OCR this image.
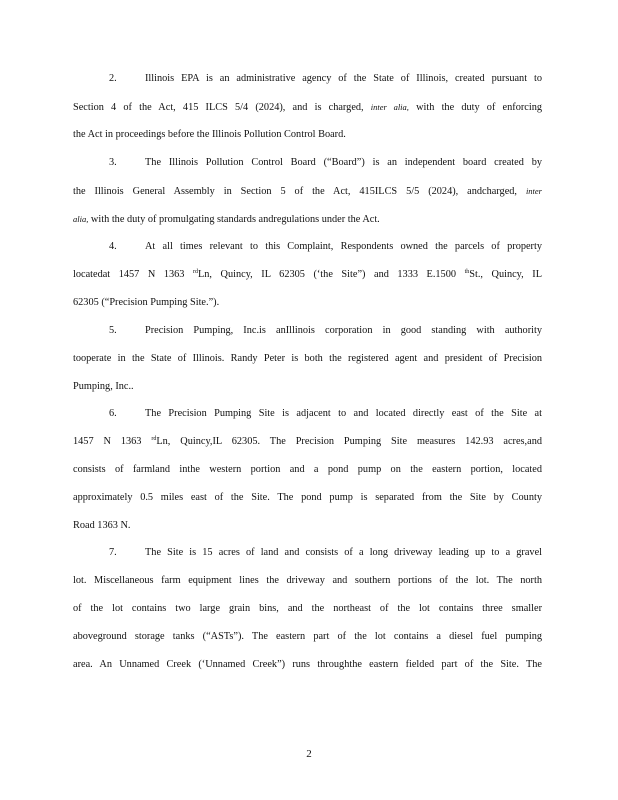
2.	Illinois EPA is an administrative agency of the State of Illinois, created pursuant to
Section 4 of the Act, 415 ILCS 5/4 (2024), and is charged, inter alia, with the duty of enforcing
the Act in proceedings before the Illinois Pollution Control Board.
3.	The Illinois Pollution Control Board (“Board”) is an independent board created by
the Illinois General Assembly in Section 5 of the Act, 415ILCS 5/5 (2024), andcharged, inter
alia, with the duty of promulgating standards andregulations under the Act.
4.	At all times relevant to this Complaint, Respondents owned the parcels of property
locatedat 1457 N 1363 $^{rd}$Ln, Quincy, IL 62305 (‘the Site”) and 1333 E.1500 $^{th}$St., Quincy, IL
62305 (“Precision Pumping Site.”).
5.	Precision Pumping, Inc.is anIllinois corporation in good standing with authority
tooperate in the State of Illinois. Randy Peter is both the registered agent and president of Precision
Pumping, Inc..
6.	The Precision Pumping Site is adjacent to and located directly east of the Site at
1457 N 1363 $^{rd}$Ln, Quincy,IL 62305. The Precision Pumping Site measures 142.93 acres,and
consists of farmland inthe western portion and a pond pump on the eastern portion, located
approximately 0.5 miles east of the Site. The pond pump is separated from the Site by County
Road 1363 N.
7.	The Site is 15 acres of land and consists of a long driveway leading up to a gravel
lot. Miscellaneous farm equipment lines the driveway and southern portions of the lot. The north
of the lot contains two large grain bins, and the northeast of the lot contains three smaller
aboveground storage tanks (“ASTs”). The eastern part of the lot contains a diesel fuel pumping
area. An Unnamed Creek (‘Unnamed Creek”) runs throughthe eastern fielded part of the Site. The
2
